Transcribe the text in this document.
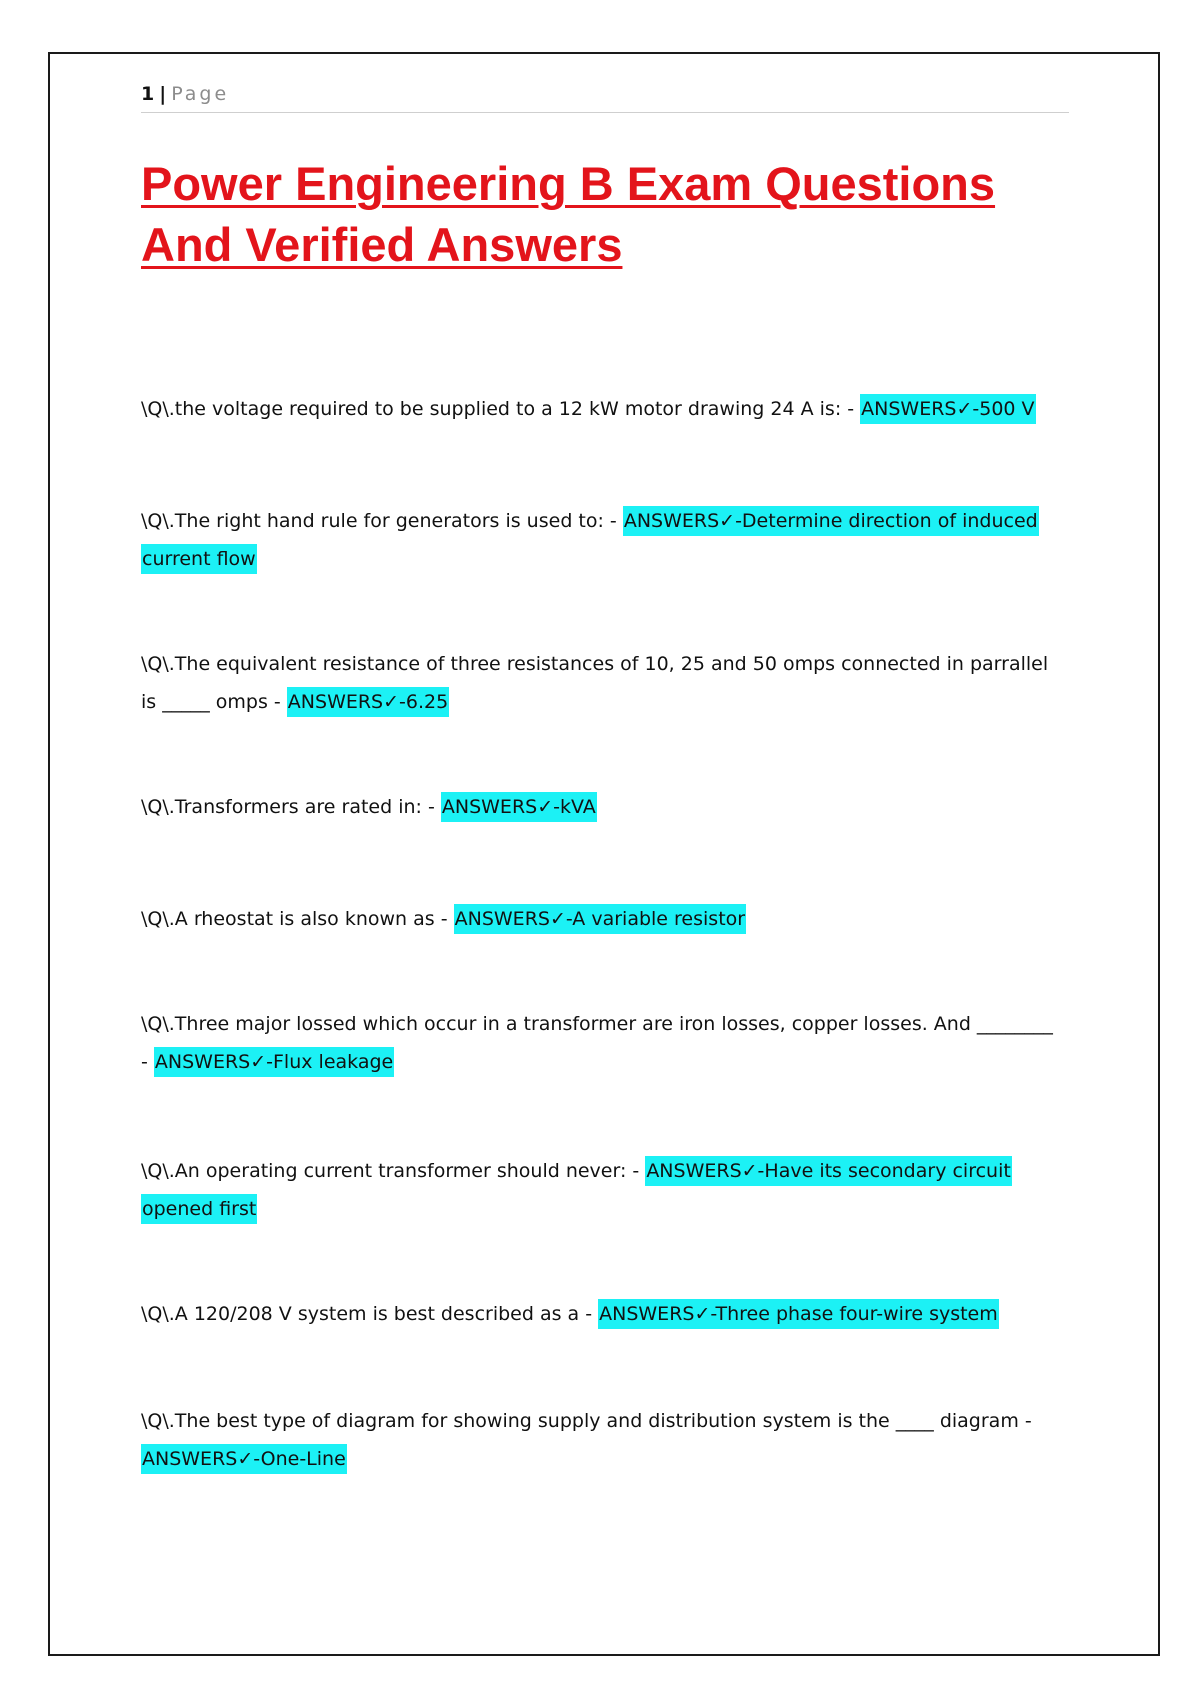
1 | Page
Power Engineering B Exam Questions And Verified Answers

\Q\.the voltage required to be supplied to a 12 kW motor drawing 24 A is: - ANSWERS✓-500 V

\Q\.The right hand rule for generators is used to: - ANSWERS✓-Determine direction of induced current flow

\Q\.The equivalent resistance of three resistances of 10, 25 and 50 omps connected in parrallel is _____ omps - ANSWERS✓-6.25

\Q\.Transformers are rated in: - ANSWERS✓-kVA

\Q\.A rheostat is also known as - ANSWERS✓-A variable resistor

\Q\.Three major lossed which occur in a transformer are iron losses, copper losses. And ________ - ANSWERS✓-Flux leakage

\Q\.An operating current transformer should never: - ANSWERS✓-Have its secondary circuit opened first

\Q\.A 120/208 V system is best described as a - ANSWERS✓-Three phase four-wire system

\Q\.The best type of diagram for showing supply and distribution system is the ____ diagram - ANSWERS✓-One-Line
